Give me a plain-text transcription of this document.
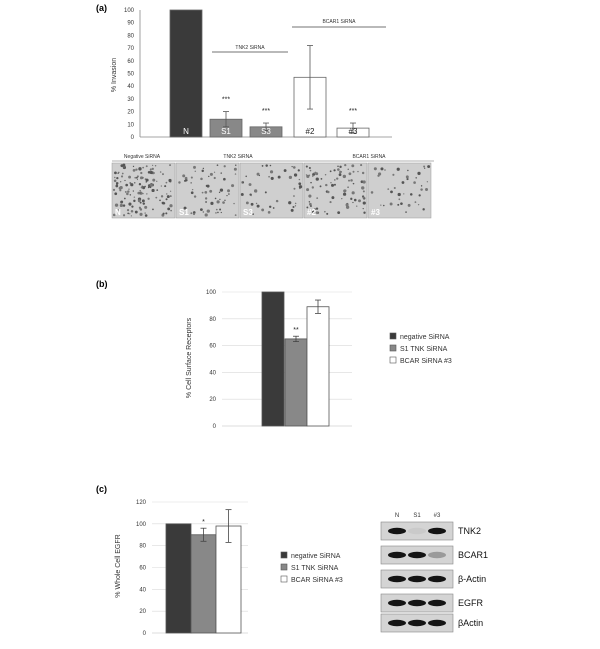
(a)
% Invasion
0
10
20
30
40
50
60
70
80
90
100
N
***
S1
***
S3	#2
***
#3
TNK2 SiRNA
BCAR1 SiRNA
Negative SiRNA	TNK2 SiRNA	BCAR1 SiRNA
N	S1	S3	#2	#3
(b)
% Cell Surface Receptors
0
20
40
60
80
100
**
negative SiRNA
S1 TNK SiRNA
BCAR SiRNA #3
(c)
% Whole Cell EGFR
0
20
40
60
80
100
120
*
negative SiRNA
S1 TNK SiRNA
BCAR SiRNA #3
N S1 #3
TNK2
BCAR1
β-Actin
EGFR
βActin
